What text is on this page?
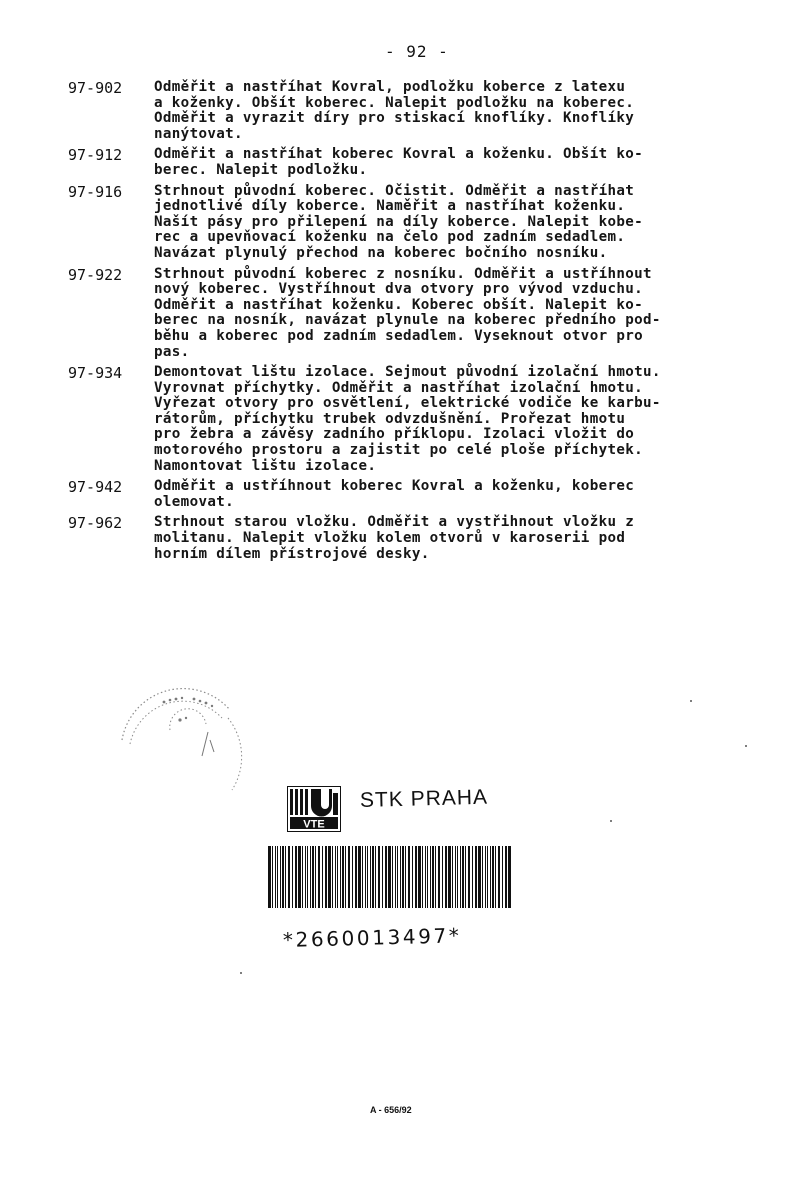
- 92 -
97-902	Odměřit a nastříhat Kovral, podložku koberce z latexu
a koženky. Obšít koberec. Nalepit podložku na koberec.
Odměřit a vyrazit díry pro stiskací knoflíky. Knoflíky
nanýtovat.
97-912	Odměřit a nastříhat koberec Kovral a koženku. Obšít ko-
berec. Nalepit podložku.
97-916	Strhnout původní koberec. Očistit. Odměřit a nastříhat
jednotlivé díly koberce. Naměřit a nastříhat koženku.
Našít pásy pro přilepení na díly koberce. Nalepit kobe-
rec a upevňovací koženku na čelo pod zadním sedadlem.
Navázat plynulý přechod na koberec bočního nosníku.
97-922	Strhnout původní koberec z nosníku. Odměřit a ustříhnout
nový koberec. Vystříhnout dva otvory pro vývod vzduchu.
Odměřit a nastříhat koženku. Koberec obšít. Nalepit ko-
berec na nosník, navázat plynule na koberec předního pod-
běhu a koberec pod zadním sedadlem. Vyseknout otvor pro
pas.
97-934	Demontovat lištu izolace. Sejmout původní izolační hmotu.
Vyrovnat příchytky. Odměřit a nastříhat izolační hmotu.
Vyřezat otvory pro osvětlení, elektrické vodiče ke karbu-
rátorům, příchytku trubek odvzdušnění. Prořezat hmotu
pro žebra a závěsy zadního příklopu. Izolaci vložit do
motorového prostoru a zajistit po celé ploše příchytek.
Namontovat lištu izolace.
97-942	Odměřit a ustříhnout koberec Kovral a koženku, koberec
olemovat.
97-962	Strhnout starou vložku. Odměřit a vystřihnout vložku z
molitanu. Nalepit vložku kolem otvorů v karoserii pod
horním dílem přístrojové desky.
VTE
STK PRAHA
*2660013497*
A - 656/92
